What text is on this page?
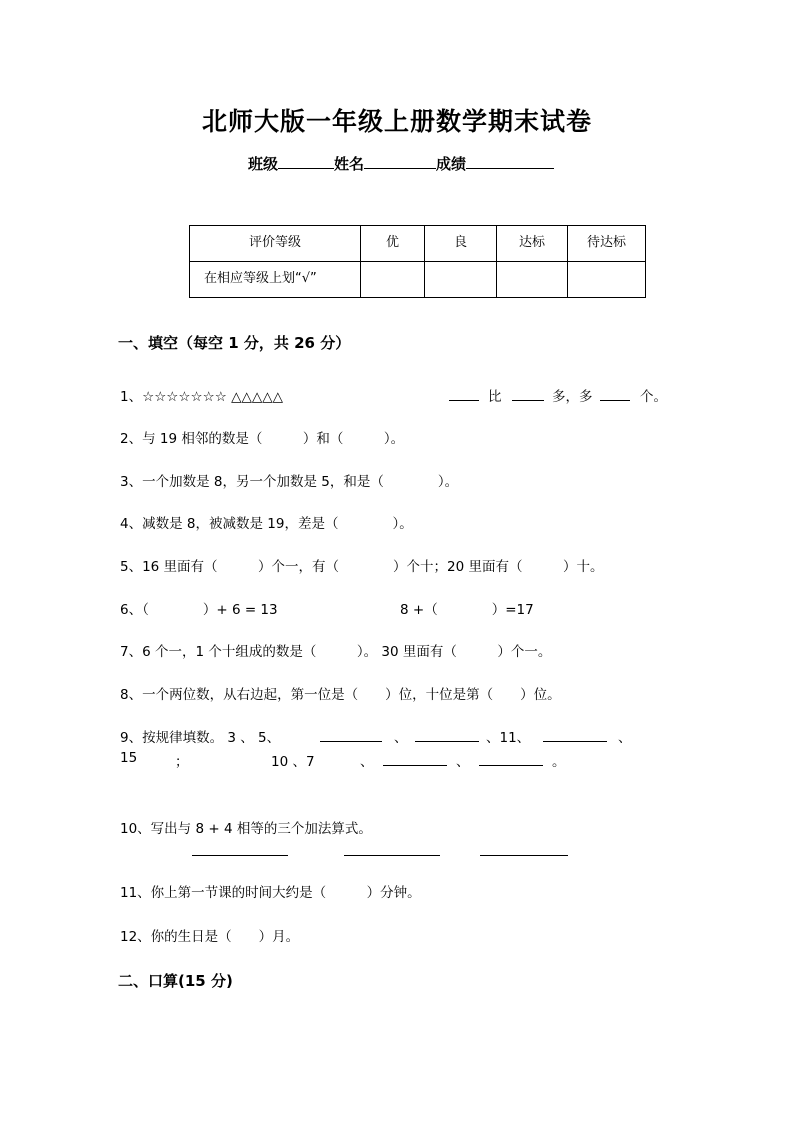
北师大版一年级上册数学期末试卷
班级	姓名	成绩
评价等级	优	良	达标	待达标
在相应等级上划“√”				
一、填空（每空 1 分，共 26 分）
1、☆☆☆☆☆☆☆ △△△△△	比	多，多	个。
2、与 19 相邻的数是（　　　）和（　　　）。
3、一个加数是 8，另一个加数是 5，和是（　　　　）。
4、减数是 8，被减数是 19，差是（　　　　）。
5、16 里面有（　　　）个一，有（　　　　）个十；20 里面有（　　　）十。
6、（　　　　）+ 6 = 13	8 +（　　　　）=17
7、6 个一，1 个十组成的数是（　　　）。 30 里面有（　　　）个一。
8、一个两位数，从右边起，第一位是（　　）位，十位是第（　　）位。
9、按规律填数。 3 、 5、	、	、11、	、
15	；	10 、7	、	、	。
10、写出与 8 + 4 相等的三个加法算式。
11、你上第一节课的时间大约是（　　　）分钟。
12、你的生日是（　　）月。
二、口算(15 分)
